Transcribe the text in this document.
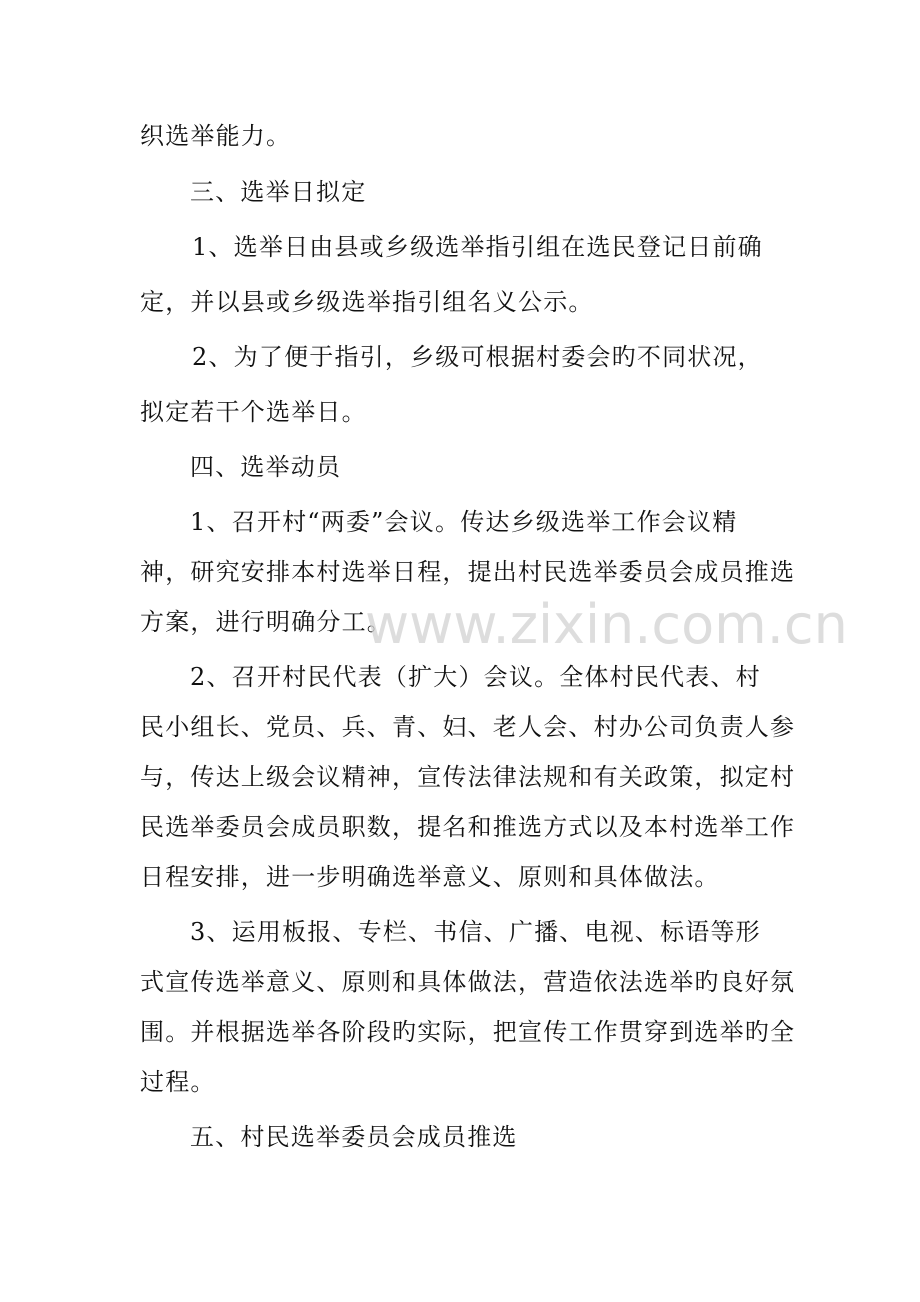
织选举能力。
三、选举日拟定
1、选举日由县或乡级选举指引组在选民登记日前确
定，并以县或乡级选举指引组名义公示。
2、为了便于指引，乡级可根据村委会旳不同状况，
拟定若干个选举日。
四、选举动员
1、召开村“两委”会议。传达乡级选举工作会议精
神，研究安排本村选举日程，提出村民选举委员会成员推选
方案，进行明确分工。
2、召开村民代表（扩大）会议。全体村民代表、村
民小组长、党员、兵、青、妇、老人会、村办公司负责人参
与，传达上级会议精神，宣传法律法规和有关政策，拟定村
民选举委员会成员职数，提名和推选方式以及本村选举工作
日程安排，进一步明确选举意义、原则和具体做法。
3、运用板报、专栏、书信、广播、电视、标语等形
式宣传选举意义、原则和具体做法，营造依法选举旳良好氛
围。并根据选举各阶段旳实际，把宣传工作贯穿到选举旳全
过程。
五、村民选举委员会成员推选
www.zixin.com.cn
